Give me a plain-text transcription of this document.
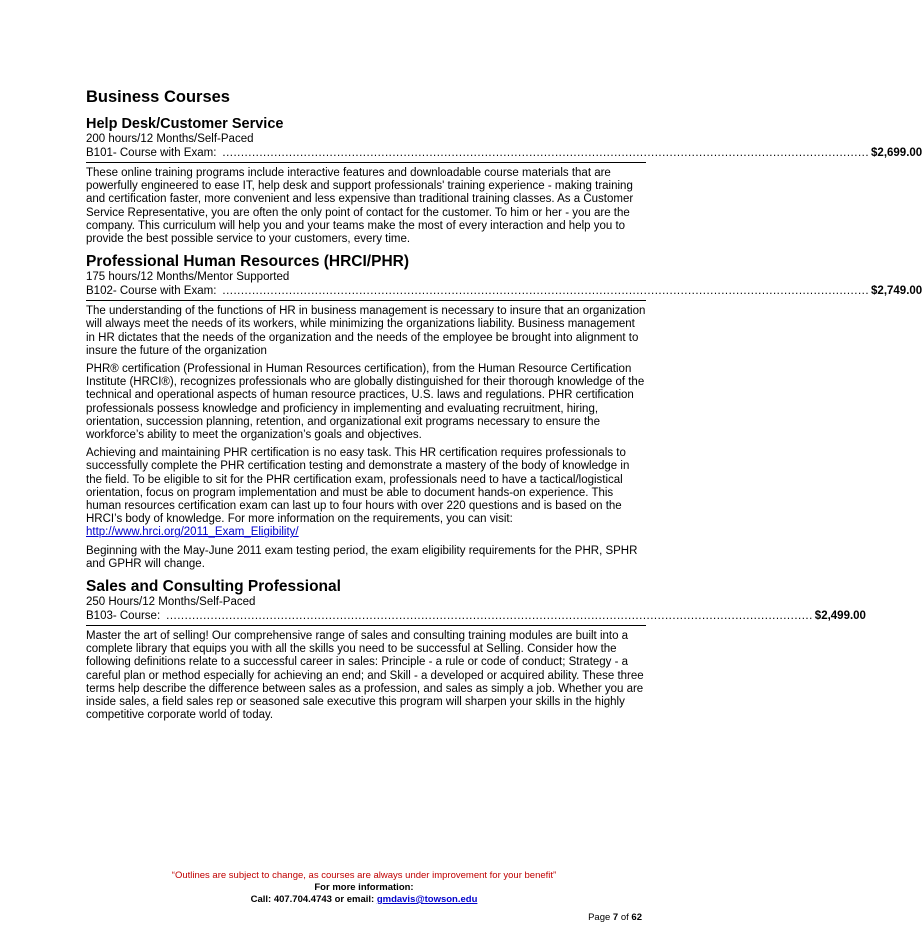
Business Courses
Help Desk/Customer Service
200 hours/12 Months/Self-Paced
B101- Course with Exam: ............................................................................................................................................................................... $2,699.00

These online training programs include interactive features and downloadable course materials that are powerfully engineered to ease IT, help desk and support professionals' training experience - making training and certification faster, more convenient and less expensive than traditional training classes. As a Customer Service Representative, you are often the only point of contact for the customer. To him or her - you are the company. This curriculum will help you and your teams make the most of every interaction and help you to provide the best possible service to your customers, every time.

Professional Human Resources (HRCI/PHR)
175 hours/12 Months/Mentor Supported
B102- Course with Exam: ............................................................................................................................................................................... $2,749.00

The understanding of the functions of HR in business management is necessary to insure that an organization will always meet the needs of its workers, while minimizing the organizations liability. Business management in HR dictates that the needs of the organization and the needs of the employee be brought into alignment to insure the future of the organization

PHR® certification (Professional in Human Resources certification), from the Human Resource Certification Institute (HRCI®), recognizes professionals who are globally distinguished for their thorough knowledge of the technical and operational aspects of human resource practices, U.S. laws and regulations. PHR certification professionals possess knowledge and proficiency in implementing and evaluating recruitment, hiring, orientation, succession planning, retention, and organizational exit programs necessary to ensure the workforce’s ability to meet the organization’s goals and objectives.

Achieving and maintaining PHR certification is no easy task. This HR certification requires professionals to successfully complete the PHR certification testing and demonstrate a mastery of the body of knowledge in the field. To be eligible to sit for the PHR certification exam, professionals need to have a tactical/logistical orientation, focus on program implementation and must be able to document hands-on experience. This human resources certification exam can last up to four hours with over 220 questions and is based on the HRCI’s body of knowledge. For more information on the requirements, you can visit:

http://www.hrci.org/2011_Exam_Eligibility/

Beginning with the May-June 2011 exam testing period, the exam eligibility requirements for the PHR, SPHR and GPHR will change.

Sales and Consulting Professional
250 Hours/12 Months/Self-Paced
B103- Course: ............................................................................................................................................................................... $2,499.00

Master the art of selling! Our comprehensive range of sales and consulting training modules are built into a complete library that equips you with all the skills you need to be successful at Selling. Consider how the following definitions relate to a successful career in sales: Principle - a rule or code of conduct; Strategy - a careful plan or method especially for achieving an end; and Skill - a developed or acquired ability. These three terms help describe the difference between sales as a profession, and sales as simply a job. Whether you are inside sales, a field sales rep or seasoned sale executive this program will sharpen your skills in the highly competitive corporate world of today.

“Outlines are subject to change, as courses are always under improvement for your benefit”
For more information:
Call: 407.704.4743 or email: gmdavis@towson.edu
Page 7 of 62
